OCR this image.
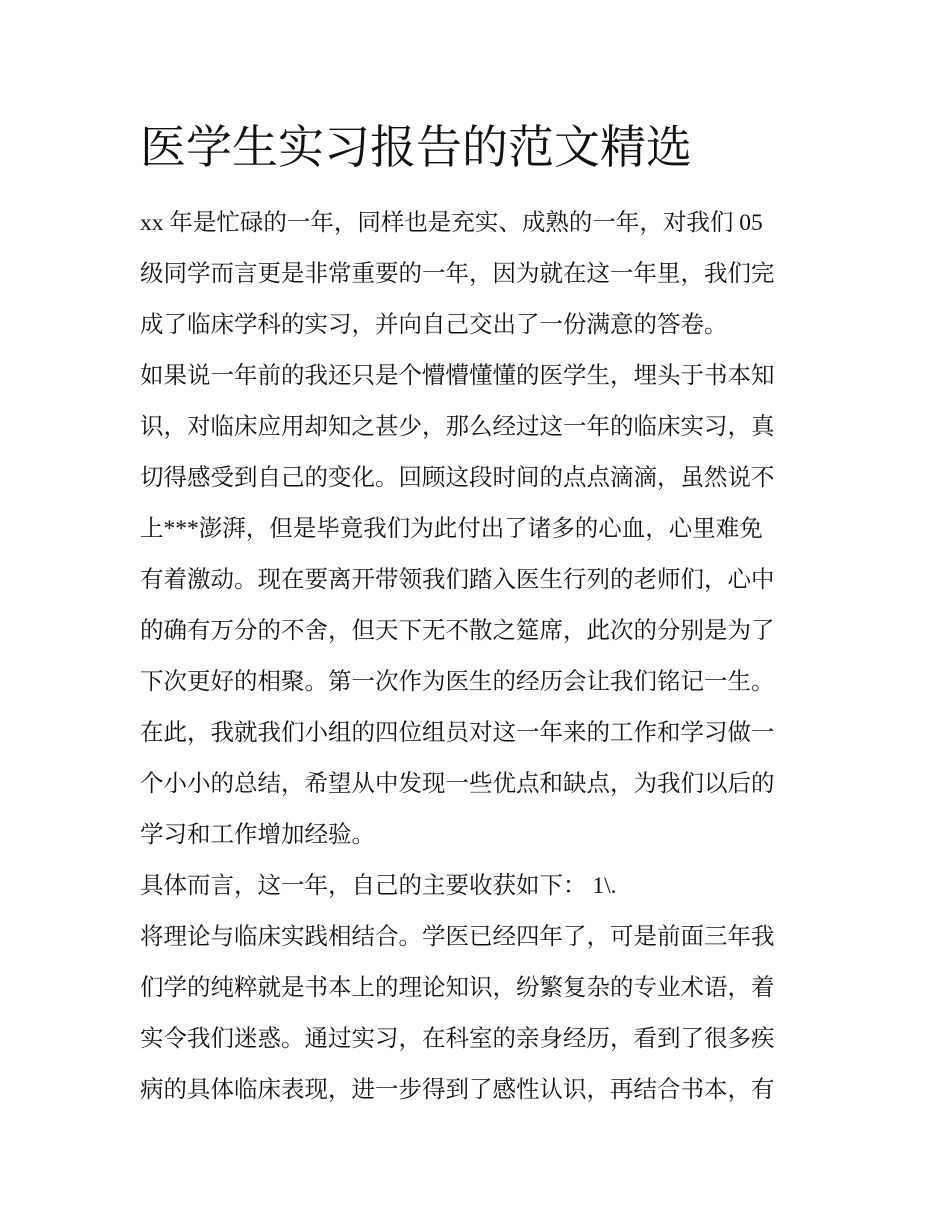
医学生实习报告的范文精选
xx 年是忙碌的一年，同样也是充实、成熟的一年，对我们 05
级同学而言更是非常重要的一年，因为就在这一年里，我们完
成了临床学科的实习，并向自己交出了一份满意的答卷。
如果说一年前的我还只是个懵懵懂懂的医学生，埋头于书本知
识，对临床应用却知之甚少，那么经过这一年的临床实习，真
切得感受到自己的变化。回顾这段时间的点点滴滴，虽然说不
上***澎湃，但是毕竟我们为此付出了诸多的心血，心里难免
有着激动。现在要离开带领我们踏入医生行列的老师们，心中
的确有万分的不舍，但天下无不散之筵席，此次的分别是为了
下次更好的相聚。第一次作为医生的经历会让我们铭记一生。
在此，我就我们小组的四位组员对这一年来的工作和学习做一
个小小的总结，希望从中发现一些优点和缺点，为我们以后的
学习和工作增加经验。
具体而言，这一年，自己的主要收获如下： 1\.
将理论与临床实践相结合。学医已经四年了，可是前面三年我
们学的纯粹就是书本上的理论知识，纷繁复杂的专业术语，着
实令我们迷惑。通过实习，在科室的亲身经历，看到了很多疾
病的具体临床表现，进一步得到了感性认识，再结合书本，有
